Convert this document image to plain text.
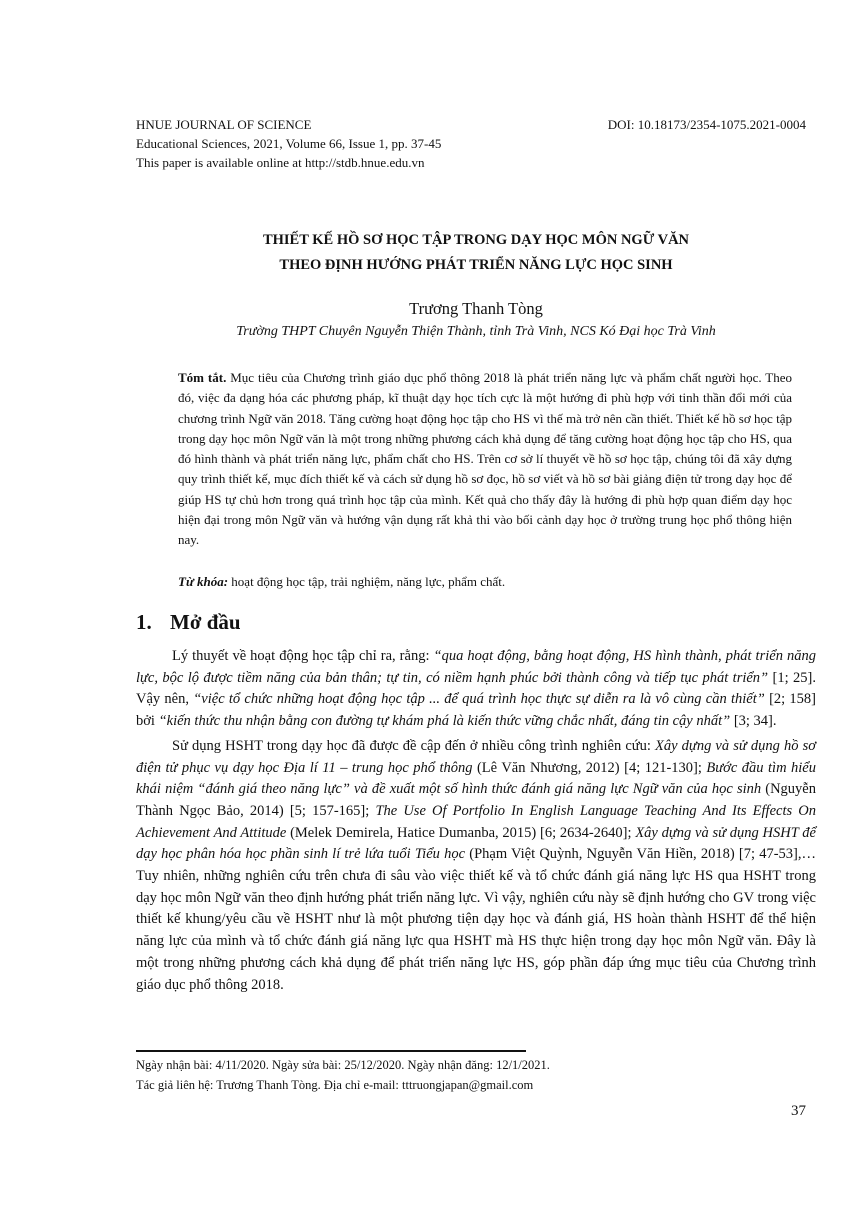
HNUE JOURNAL OF SCIENCE	DOI: 10.18173/2354-1075.2021-0004
Educational Sciences, 2021, Volume 66, Issue 1, pp. 37-45
This paper is available online at http://stdb.hnue.edu.vn
THIẾT KẾ HỒ SƠ HỌC TẬP TRONG DẠY HỌC MÔN NGỮ VĂN
THEO ĐỊNH HƯỚNG PHÁT TRIỂN NĂNG LỰC HỌC SINH
Trương Thanh Tòng
Trường THPT Chuyên Nguyễn Thiện Thành, tỉnh Trà Vinh, NCS Kó Đại học Trà Vinh
Tóm tắt. Mục tiêu của Chương trình giáo dục phổ thông 2018 là phát triển năng lực và phẩm chất người học. Theo đó, việc đa dạng hóa các phương pháp, kĩ thuật dạy học tích cực là một hướng đi phù hợp với tinh thần đổi mới của chương trình Ngữ văn 2018. Tăng cường hoạt động học tập cho HS vì thế mà trở nên cần thiết. Thiết kế hồ sơ học tập trong dạy học môn Ngữ văn là một trong những phương cách khả dụng để tăng cường hoạt động học tập cho HS, qua đó hình thành và phát triển năng lực, phẩm chất cho HS. Trên cơ sở lí thuyết về hồ sơ học tập, chúng tôi đã xây dựng quy trình thiết kế, mục đích thiết kế và cách sử dụng hồ sơ đọc, hồ sơ viết và hồ sơ bài giảng điện tử trong dạy học để giúp HS tự chủ hơn trong quá trình học tập của mình. Kết quả cho thấy đây là hướng đi phù hợp quan điểm dạy học hiện đại trong môn Ngữ văn và hướng vận dụng rất khả thi vào bối cảnh dạy học ở trường trung học phổ thông hiện nay.
Từ khóa: hoạt động học tập, trải nghiệm, năng lực, phẩm chất.
1. Mở đầu

Lý thuyết về hoạt động học tập chỉ ra, rằng: “qua hoạt động, bằng hoạt động, HS hình thành, phát triển năng lực, bộc lộ được tiềm năng của bản thân; tự tin, có niềm hạnh phúc bởi thành công và tiếp tục phát triển” [1; 25]. Vậy nên, “việc tổ chức những hoạt động học tập ... để quá trình học thực sự diễn ra là vô cùng cần thiết” [2; 158] bởi “kiến thức thu nhận bằng con đường tự khám phá là kiến thức vững chắc nhất, đáng tin cậy nhất” [3; 34].

Sử dụng HSHT trong dạy học đã được đề cập đến ở nhiều công trình nghiên cứu: Xây dựng và sử dụng hồ sơ điện tử phục vụ dạy học Địa lí 11 – trung học phổ thông (Lê Văn Nhương, 2012) [4; 121-130]; Bước đầu tìm hiểu khái niệm “đánh giá theo năng lực” và đề xuất một số hình thức đánh giá năng lực Ngữ văn của học sinh (Nguyễn Thành Ngọc Bảo, 2014) [5; 157-165]; The Use Of Portfolio In English Language Teaching And Its Effects On Achievement And Attitude (Melek Demirela, Hatice Dumanba, 2015) [6; 2634-2640]; Xây dựng và sử dụng HSHT để dạy học phân hóa học phần sinh lí trẻ lứa tuổi Tiểu học (Phạm Việt Quỳnh, Nguyễn Văn Hiền, 2018) [7; 47-53],… Tuy nhiên, những nghiên cứu trên chưa đi sâu vào việc thiết kế và tổ chức đánh giá năng lực HS qua HSHT trong dạy học môn Ngữ văn theo định hướng phát triển năng lực. Vì vậy, nghiên cứu này sẽ định hướng cho GV trong việc thiết kế khung/yêu cầu về HSHT như là một phương tiện dạy học và đánh giá, HS hoàn thành HSHT để thể hiện năng lực của mình và tổ chức đánh giá năng lực qua HSHT mà HS thực hiện trong dạy học môn Ngữ văn. Đây là một trong những phương cách khả dụng để phát triển năng lực HS, góp phần đáp ứng mục tiêu của Chương trình giáo dục phổ thông 2018.

Ngày nhận bài: 4/11/2020. Ngày sửa bài: 25/12/2020. Ngày nhận đăng: 12/1/2021.
Tác giả liên hệ: Trương Thanh Tòng. Địa chỉ e-mail: tttruongjapan@gmail.com
37
